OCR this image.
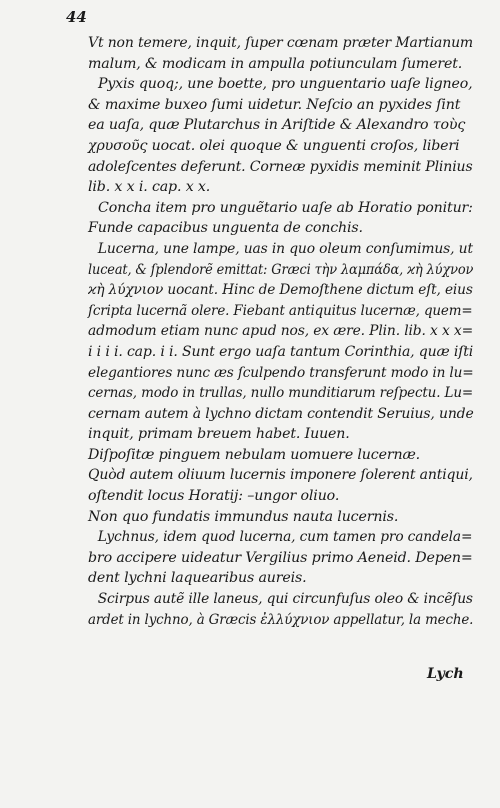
44
Vt non temere, inquit, ſuper cœnam præter Martianum
malum, & modicam in ampulla potiunculam ſumeret.
Pyxis quoq;, une boette, pro unguentario uaſe ligneo,
& maxime buxeo ſumi uidetur. Neſcio an pyxides ſint
ea uaſa, quæ Plutarchus in Ariſtide & Alexandro τοὺς
χρυσοῦς uocat. olei quoque & unguenti croſos, liberi
adoleſcentes deferunt. Corneæ pyxidis meminit Plinius
lib. x x i. cap. x x.
Concha item pro unguẽtario uaſe ab Horatio ponitur:
Funde capacibus unguenta de conchis.
Lucerna, une lampe, uas in quo oleum conſumimus, ut
luceat, & ſplendorẽ emittat: Græci τὴν λαμπάδα, ϰὴ λύχνον
ϰὴ λύχνιον uocant. Hinc de Demoſthene dictum eſt, eius
ſcripta lucernã olere. Fiebant antiquitus lucernæ, quem=
admodum etiam nunc apud nos, ex ære. Plin. lib. x x x=
i i i i. cap. i i. Sunt ergo uaſa tantum Corinthia, quæ iſti
elegantiores nunc æs ſculpendo transferunt modo in lu=
cernas, modo in trullas, nullo munditiarum reſpectu. Lu=
cernam autem à lychno dictam contendit Seruius, unde
inquit, primam breuem habet. Iuuen.
Diſpoſitæ pinguem nebulam uomuere lucernæ.
Quòd autem oliuum lucernis imponere ſolerent antiqui,
oſtendit locus Horatij: –ungor oliuo.
Non quo fundatis immundus nauta lucernis.
Lychnus, idem quod lucerna, cum tamen pro candela=
bro accipere uideatur Vergilius primo Aeneid. Depen=
dent lychni laquearibus aureis.
Scirpus autẽ ille laneus, qui circunfuſus oleo & incẽſus
ardet in lychno, à Græcis ἐλλύχνιον appellatur, la meche.
Lych
